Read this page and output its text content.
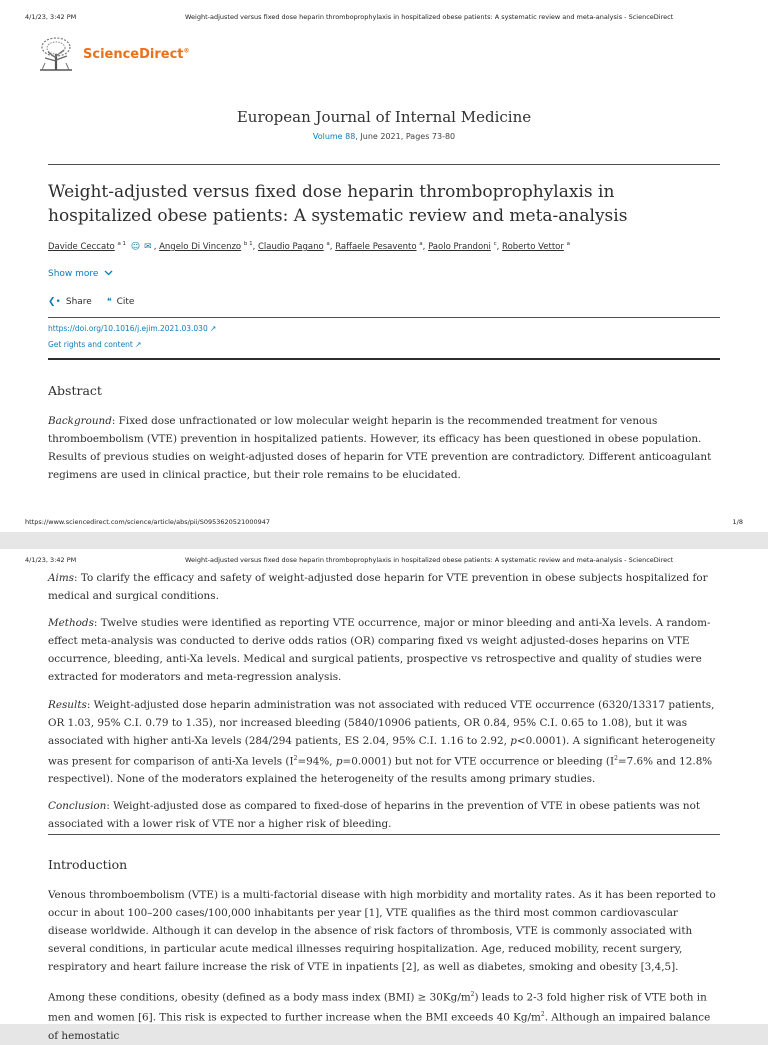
4/1/23, 3:42 PM	Weight-adjusted versus fixed dose heparin thromboprophylaxis in hospitalized obese patients: A systematic review and meta-analysis - ScienceDirect
ScienceDirect®
European Journal of Internal Medicine
Volume 88, June 2021, Pages 73-80
Weight-adjusted versus fixed dose heparin thromboprophylaxis in hospitalized obese patients: A systematic review and meta-analysis
Davide Ceccato $^{a 1}$ ☺ ✉ , Angelo Di Vincenzo $^{b 1}$, Claudio Pagano $^a$, Raffaele Pesavento $^a$, Paolo Prandoni $^c$, Roberto Vettor $^a$
Show more
❮• Share ❝ Cite
https://doi.org/10.1016/j.ejim.2021.03.030 ↗
Get rights and content ↗
Abstract

Background: Fixed dose unfractionated or low molecular weight heparin is the recommended treatment for venous thromboembolism (VTE) prevention in hospitalized patients. However, its efficacy has been questioned in obese population. Results of previous studies on weight-adjusted doses of heparin for VTE prevention are contradictory. Different anticoagulant regimens are used in clinical practice, but their role remains to be elucidated.

https://www.sciencedirect.com/science/article/abs/pii/S0953620521000947	1/8
4/1/23, 3:42 PM	Weight-adjusted versus fixed dose heparin thromboprophylaxis in hospitalized obese patients: A systematic review and meta-analysis - ScienceDirect

Aims: To clarify the efficacy and safety of weight-adjusted dose heparin for VTE prevention in obese subjects hospitalized for medical and surgical conditions.

Methods: Twelve studies were identified as reporting VTE occurrence, major or minor bleeding and anti-Xa levels. A random-effect meta-analysis was conducted to derive odds ratios (OR) comparing fixed vs weight adjusted-doses heparins on VTE occurrence, bleeding, anti-Xa levels. Medical and surgical patients, prospective vs retrospective and quality of studies were extracted for moderators and meta-regression analysis.

Results: Weight-adjusted dose heparin administration was not associated with reduced VTE occurrence (6320/13317 patients, OR 1.03, 95% C.I. 0.79 to 1.35), nor increased bleeding (5840/10906 patients, OR 0.84, 95% C.I. 0.65 to 1.08), but it was associated with higher anti-Xa levels (284/294 patients, ES 2.04, 95% C.I. 1.16 to 2.92, p<0.0001). A significant heterogeneity was present for comparison of anti-Xa levels ($I^2=94\%$, p=0.0001) but not for VTE occurrence or bleeding ($I^2=7.6\%$ and 12.8% respectivel). None of the moderators explained the heterogeneity of the results among primary studies.

Conclusion: Weight-adjusted dose as compared to fixed-dose of heparins in the prevention of VTE in obese patients was not associated with a lower risk of VTE nor a higher risk of bleeding.

Introduction

Venous thromboembolism (VTE) is a multi-factorial disease with high morbidity and mortality rates. As it has been reported to occur in about 100–200 cases/100,000 inhabitants per year [1], VTE qualifies as the third most common cardiovascular disease worldwide. Although it can develop in the absence of risk factors of thrombosis, VTE is commonly associated with several conditions, in particular acute medical illnesses requiring hospitalization. Age, reduced mobility, recent surgery, respiratory and heart failure increase the risk of VTE in inpatients [2], as well as diabetes, smoking and obesity [3,4,5].

Among these conditions, obesity (defined as a body mass index $(BMI) \ge 30Kg/m^2$) leads to 2-3 fold higher risk of VTE both in men and women [6]. This risk is expected to further increase when the BMI exceeds 40 $Kg/m^2$. Although an impaired balance of hemostatic
